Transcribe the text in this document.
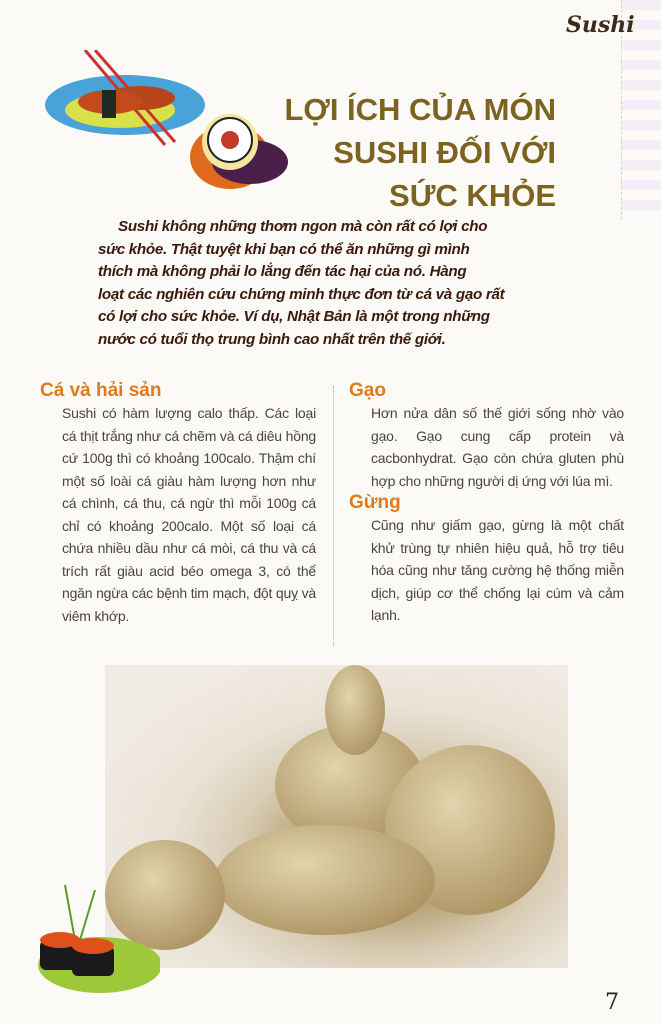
Sushi
LỢI ÍCH CỦA MÓN
SUSHI ĐỐI VỚI
SỨC KHỎE
Sushi không những thơm ngon mà còn rất có lợi cho
sức khỏe. Thật tuyệt khi bạn có thể ăn những gì mình
thích mà không phải lo lắng đến tác hại của nó. Hàng
loạt các nghiên cứu chứng minh thực đơn từ cá và gạo rất
có lợi cho sức khỏe. Ví dụ, Nhật Bản là một trong những
nước có tuổi thọ trung bình cao nhất trên thế giới.
Cá và hải sản

Sushi có hàm lượng calo thấp. Các loại cá thịt trắng như cá chẽm và cá diêu hồng cứ 100g thì có khoảng 100calo. Thậm chí một số loài cá giàu hàm lượng hơn như cá chình, cá thu, cá ngừ thì mỗi 100g cá chỉ có khoảng 200calo. Một số loại cá chứa nhiều dầu như cá mòi, cá thu và cá trích rất giàu acid béo omega 3, có thể ngăn ngừa các bệnh tim mạch, đột quỵ và viêm khớp.

Gạo

Hơn nửa dân số thế giới sống nhờ vào gạo. Gạo cung cấp protein và cacbonhydrat. Gạo còn chứa gluten phù hợp cho những người dị ứng với lúa mì.

Gừng

Cũng như giấm gạo, gừng là một chất khử trùng tự nhiên hiệu quả, hỗ trợ tiêu hóa cũng như tăng cường hệ thống miễn dịch, giúp cơ thể chống lại cúm và cảm lạnh.

7
